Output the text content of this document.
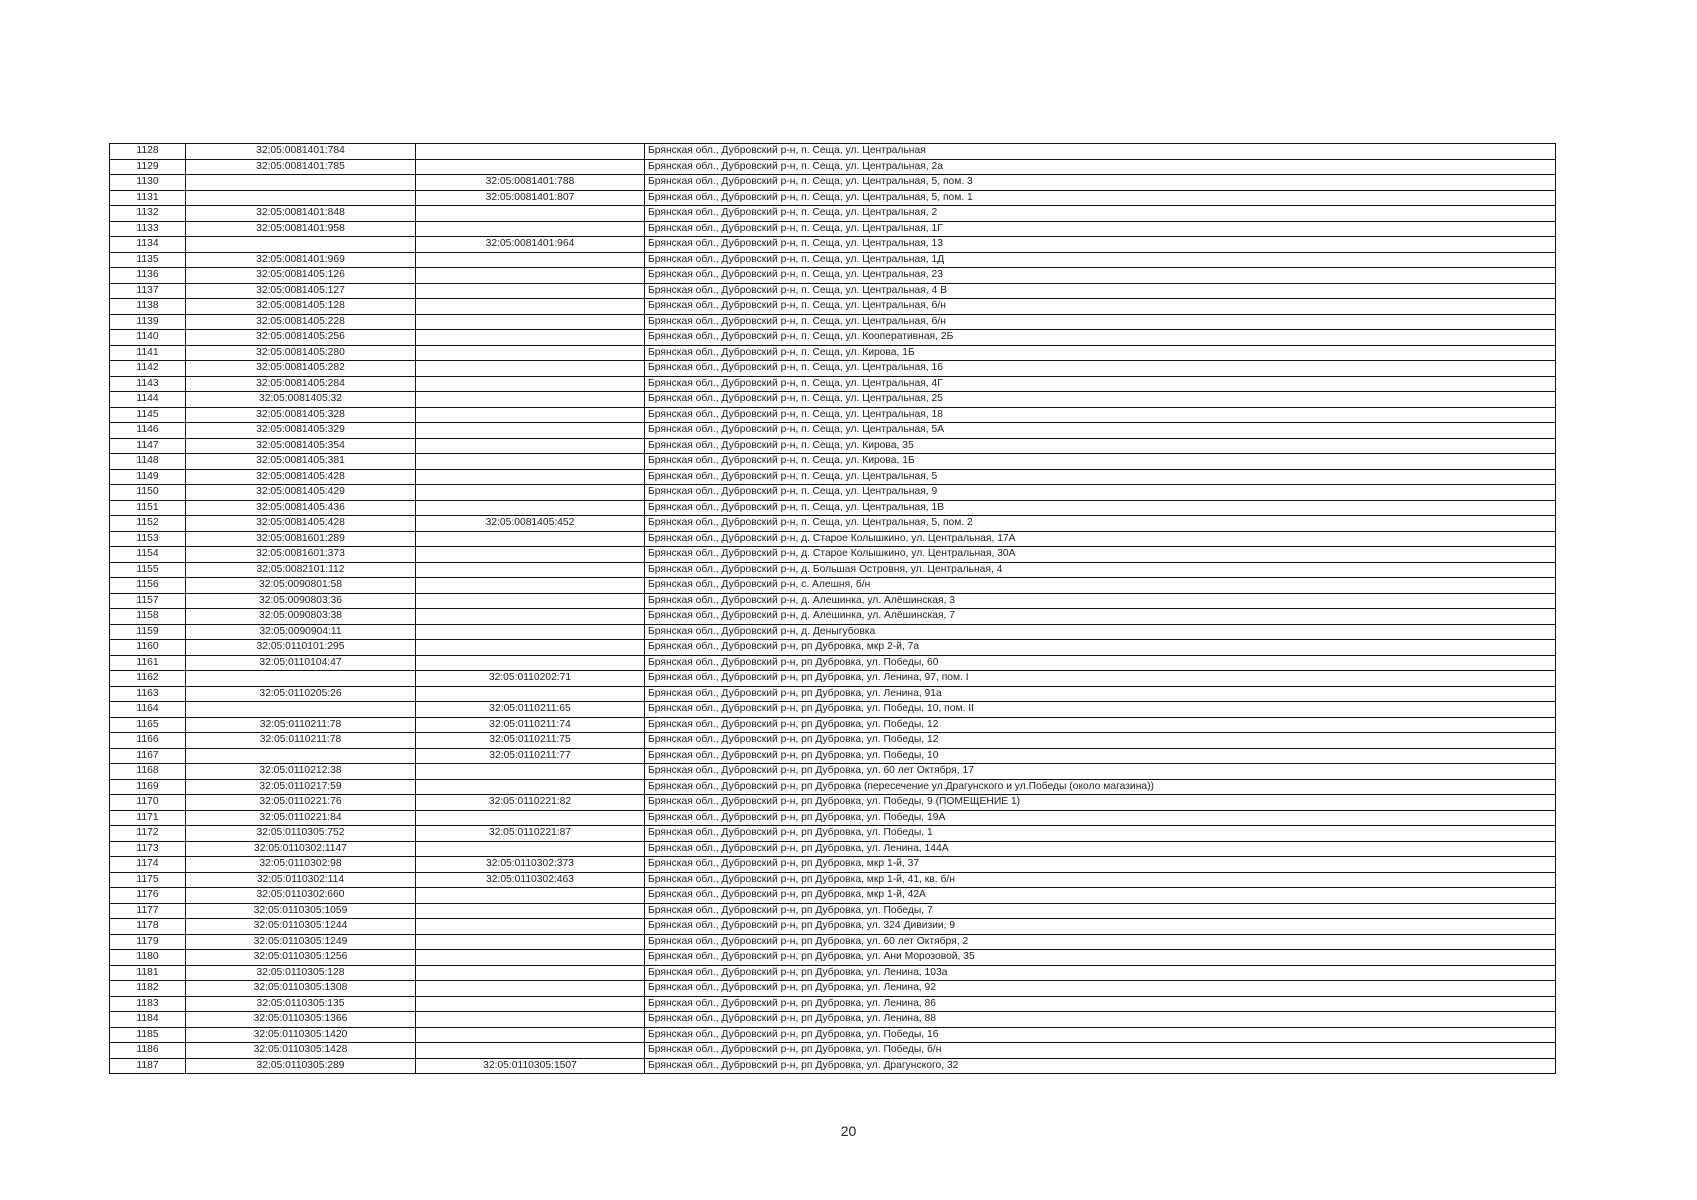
1128	32:05:0081401:784		Брянская обл., Дубровский р-н, п. Сеща, ул. Центральная
1129	32:05:0081401:785		Брянская обл., Дубровский р-н, п. Сеща, ул. Центральная, 2а
1130		32:05:0081401:788	Брянская обл., Дубровский р-н, п. Сеща, ул. Центральная, 5, пом. 3
1131		32:05:0081401:807	Брянская обл., Дубровский р-н, п. Сеща, ул. Центральная, 5, пом. 1
1132	32:05:0081401:848		Брянская обл., Дубровский р-н, п. Сеща, ул. Центральная, 2
1133	32:05:0081401:958		Брянская обл., Дубровский р-н, п. Сеща, ул. Центральная, 1Г
1134		32:05:0081401:964	Брянская обл., Дубровский р-н, п. Сеща, ул. Центральная, 13
1135	32:05:0081401:969		Брянская обл., Дубровский р-н, п. Сеща, ул. Центральная, 1Д
1136	32:05:0081405:126		Брянская обл., Дубровский р-н, п. Сеща, ул. Центральная, 23
1137	32:05:0081405:127		Брянская обл., Дубровский р-н, п. Сеща, ул. Центральная, 4 В
1138	32:05:0081405:128		Брянская обл., Дубровский р-н, п. Сеща, ул. Центральная, б/н
1139	32:05:0081405:228		Брянская обл., Дубровский р-н, п. Сеща, ул. Центральная, б/н
1140	32:05:0081405:256		Брянская обл., Дубровский р-н, п. Сеща, ул. Кооперативная, 2Б
1141	32:05:0081405:280		Брянская обл., Дубровский р-н, п. Сеща, ул. Кирова, 1Б
1142	32:05:0081405:282		Брянская обл., Дубровский р-н, п. Сеща, ул. Центральная, 16
1143	32:05:0081405:284		Брянская обл., Дубровский р-н, п. Сеща, ул. Центральная, 4Г
1144	32:05:0081405:32		Брянская обл., Дубровский р-н, п. Сеща, ул. Центральная, 25
1145	32:05:0081405:328		Брянская обл., Дубровский р-н, п. Сеща, ул. Центральная, 18
1146	32:05:0081405:329		Брянская обл., Дубровский р-н, п. Сеща, ул. Центральная, 5А
1147	32:05:0081405:354		Брянская обл., Дубровский р-н, п. Сеща, ул. Кирова, 35
1148	32:05:0081405:381		Брянская обл., Дубровский р-н, п. Сеща, ул. Кирова, 1Б
1149	32:05:0081405:428		Брянская обл., Дубровский р-н, п. Сеща, ул. Центральная, 5
1150	32:05:0081405:429		Брянская обл., Дубровский р-н, п. Сеща, ул. Центральная, 9
1151	32:05:0081405:436		Брянская обл., Дубровский р-н, п. Сеща, ул. Центральная, 1В
1152	32:05:0081405:428	32:05:0081405:452	Брянская обл., Дубровский р-н, п. Сеща, ул. Центральная, 5, пом. 2
1153	32:05:0081601:289		Брянская обл., Дубровский р-н, д. Старое Колышкино, ул. Центральная, 17А
1154	32:05:0081601:373		Брянская обл., Дубровский р-н, д. Старое Колышкино, ул. Центральная, 30А
1155	32:05:0082101:112		Брянская обл., Дубровский р-н, д. Большая Островня, ул. Центральная, 4
1156	32:05:0090801:58		Брянская обл., Дубровский р-н, с. Алешня, б/н
1157	32:05:0090803:36		Брянская обл., Дубровский р-н, д. Алешинка, ул. Алёшинская, 3
1158	32:05:0090803:38		Брянская обл., Дубровский р-н, д. Алешинка, ул. Алёшинская, 7
1159	32:05:0090904:11		Брянская обл., Дубровский р-н, д. Деныгубовка
1160	32:05:0110101:295		Брянская обл., Дубровский р-н, рп Дубровка, мкр 2-й, 7а
1161	32:05:0110104:47		Брянская обл., Дубровский р-н, рп Дубровка, ул. Победы, 60
1162		32:05:0110202:71	Брянская обл., Дубровский р-н, рп Дубровка, ул. Ленина, 97, пом. I
1163	32:05:0110205:26		Брянская обл., Дубровский р-н, рп Дубровка, ул. Ленина, 91а
1164		32:05:0110211:65	Брянская обл., Дубровский р-н, рп Дубровка, ул. Победы, 10, пом. II
1165	32:05:0110211:78	32:05:0110211:74	Брянская обл., Дубровский р-н, рп Дубровка, ул. Победы, 12
1166	32:05:0110211:78	32:05:0110211:75	Брянская обл., Дубровский р-н, рп Дубровка, ул. Победы, 12
1167		32:05:0110211:77	Брянская обл., Дубровский р-н, рп Дубровка, ул. Победы, 10
1168	32:05:0110212:38		Брянская обл., Дубровский р-н, рп Дубровка, ул. 60 лет Октября, 17
1169	32:05:0110217:59		Брянская обл., Дубровский р-н, рп Дубровка (пересечение ул.Драгунского и ул.Победы (около магазина))
1170	32:05:0110221:76	32:05:0110221:82	Брянская обл., Дубровский р-н, рп Дубровка, ул. Победы, 9 (ПОМЕЩЕНИЕ 1)
1171	32:05:0110221:84		Брянская обл., Дубровский р-н, рп Дубровка, ул. Победы, 19А
1172	32:05:0110305:752	32:05:0110221:87	Брянская обл., Дубровский р-н, рп Дубровка, ул. Победы, 1
1173	32:05:0110302:1147		Брянская обл., Дубровский р-н, рп Дубровка, ул. Ленина, 144А
1174	32:05:0110302:98	32:05:0110302:373	Брянская обл., Дубровский р-н, рп Дубровка, мкр 1-й, 37
1175	32:05:0110302:114	32:05:0110302:463	Брянская обл., Дубровский р-н, рп Дубровка, мкр 1-й, 41, кв. б/н
1176	32:05:0110302:660		Брянская обл., Дубровский р-н, рп Дубровка, мкр 1-й, 42А
1177	32:05:0110305:1059		Брянская обл., Дубровский р-н, рп Дубровка, ул. Победы, 7
1178	32:05:0110305:1244		Брянская обл., Дубровский р-н, рп Дубровка, ул. 324 Дивизии, 9
1179	32:05:0110305:1249		Брянская обл., Дубровский р-н, рп Дубровка, ул. 60 лет Октября, 2
1180	32:05:0110305:1256		Брянская обл., Дубровский р-н, рп Дубровка, ул. Ани Морозовой, 35
1181	32:05:0110305:128		Брянская обл., Дубровский р-н, рп Дубровка, ул. Ленина, 103а
1182	32:05:0110305:1308		Брянская обл., Дубровский р-н, рп Дубровка, ул. Ленина, 92
1183	32:05:0110305:135		Брянская обл., Дубровский р-н, рп Дубровка, ул. Ленина, 86
1184	32:05:0110305:1366		Брянская обл., Дубровский р-н, рп Дубровка, ул. Ленина, 88
1185	32:05:0110305:1420		Брянская обл., Дубровский р-н, рп Дубровка, ул. Победы, 16
1186	32:05:0110305:1428		Брянская обл., Дубровский р-н, рп Дубровка, ул. Победы, б/н
1187	32:05:0110305:289	32:05:0110305:1507	Брянская обл., Дубровский р-н, рп Дубровка, ул. Драгунского, 32
20
